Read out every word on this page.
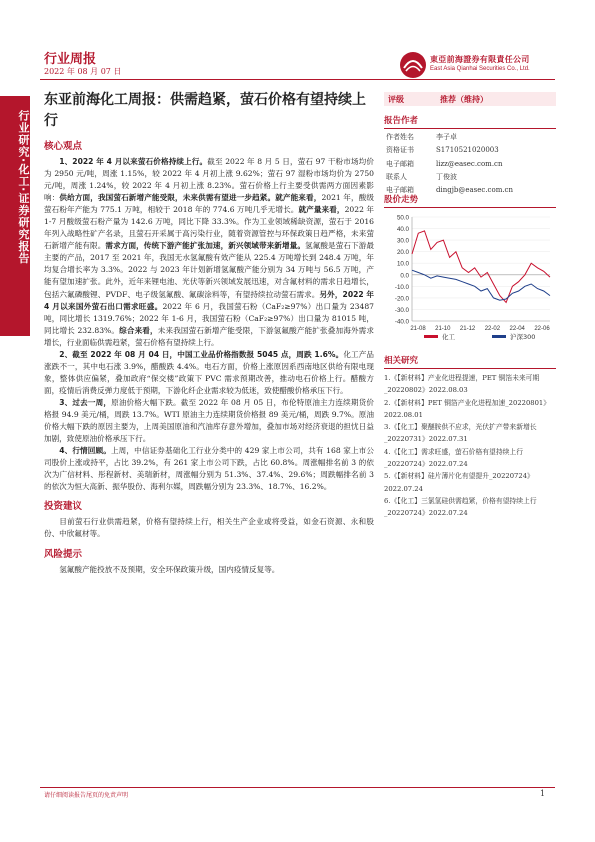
行业周报
2022 年 08 月 07 日
東亞前海證券有限責任公司
East Asia Qianhai Securities Co., Ltd.
行业研究·化工·证券研究报告
东亚前海化工周报：供需趋紧，萤石价格有望持续上行
核心观点

1、2022 年 4 月以来萤石价格持续上行。截至 2022 年 8 月 5 日，萤石 97 干粉市场均价为 2950 元/吨，周涨 1.15%，较 2022 年 4 月初上涨 9.62%；萤石 97 湿粉市场均价为 2750 元/吨，周涨 1.24%，较 2022 年 4 月初上涨 8.23%。萤石价格上行主要受供需两方面因素影响：供给方面，我国萤石新增产能受限，未来供需有望进一步趋紧。就产能来看，2021 年，酸级萤石粉年产能为 775.1 万吨，相较于 2018 年的 774.6 万吨几乎无增长。就产量来看，2022 年 1-7 月酸级萤石粉产量为 142.6 万吨，同比下降 33.3%。作为工业领域稀缺资源，萤石于 2016 年列入战略性矿产名录，且萤石开采属于高污染行业，随着资源管控与环保政策日趋严格，未来萤石新增产能有限。需求方面，传统下游产能扩张加速，新兴领域带来新增量。氢氟酸是萤石下游最主要的产品，2017 至 2021 年，我国无水氢氟酸有效产能从 225.4 万吨增长到 248.4 万吨，年均复合增长率为 3.3%。2022 与 2023 年计划新增氢氟酸产能分别为 34 万吨与 56.5 万吨，产能有望加速扩张。此外，近年来锂电池、光伏等新兴领域发展迅速，对含氟材料的需求日趋增长，包括六氟磷酸锂、PVDF、电子级氢氟酸、氟碳涂料等，有望持续拉动萤石需求。另外，2022 年 4 月以来国外萤石出口需求旺盛。2022 年 6 月，我国萤石粉（CaF₂≥97%）出口量为 23487 吨，同比增长 1319.76%；2022 年 1-6 月，我国萤石粉（CaF₂≥97%）出口量为 81015 吨，同比增长 232.83%。综合来看，未来我国萤石新增产能受限，下游氢氟酸产能扩张叠加海外需求增长，行业面临供需趋紧，萤石价格有望持续上行。

2、截至 2022 年 08 月 04 日，中国工业品价格指数报 5045 点，周跌 1.6%。化工产品涨跌不一，其中电石涨 3.9%，醋酸跌 4.4%。电石方面，价格上涨原因系西南地区供给有限电现象，整体供应偏紧，叠加政府“保交楼”政策下 PVC 需求预期改善，推动电石价格上行。醋酸方面，疫情后消费反弹力度低于预期，下游化纤企业需求较为低迷，致使醋酸价格承压下行。

3、过去一周，原油价格大幅下跌。截至 2022 年 08 月 05 日，布伦特原油主力连续期货价格报 94.9 美元/桶，周跌 13.7%。WTI 原油主力连续期货价格报 89 美元/桶，周跌 9.7%。原油价格大幅下跌的原因主要为，上周美国原油和汽油库存意外增加，叠加市场对经济衰退的担忧日益加剧，致使原油价格承压下行。

4、行情回顾。上周，中信证券基础化工行业分类中的 429 家上市公司，共有 168 家上市公司股价上涨或持平，占比 39.2%，有 261 家上市公司下跌，占比 60.8%。周涨幅排名前 3 的依次为广信材料、彤程新材、美瑞新材，周涨幅分别为 51.3%、37.4%、29.6%；周跌幅排名前 3 的依次为恒大高新、振华股份、海利尔媒，周跌幅分别为 23.3%、18.7%、16.2%。

投资建议

目前萤石行业供需趋紧，价格有望持续上行，相关生产企业或将受益，如金石资源、永和股份、中欣氟材等。

风险提示

氢氟酸产能投放不及预期，安全环保政策升级，国内疫情反复等。

评级	推荐（维持）
报告作者
作者姓名	李子卓
资格证书	S1710521020003
电子邮箱	lizz@easec.com.cn
联系人	丁俊波
电子邮箱	dingjb@easec.com.cn
股价走势
-40.0
-30.0
-20.0
-10.0
0.0
10.0
20.0
30.0
40.0
50.0
21-08 21-10 21-12 22-02 22-04 22-06
化工	沪深300
相关研究

1.《【新材料】产业化进程提速，PET 铜箔未来可期_20220802》2022.08.03

2.《【新材料】PET 铜箔产业化进程加速_20220801》2022.08.01

3.《【化工】聚醚胺供不应求，光伏扩产带来新增长_20220731》2022.07.31

4.《【化工】需求旺盛，萤石价格有望持续上行_20220724》2022.07.24

5.《【新材料】硅片薄片化有望提升_20220724》2022.07.24

6.《【化工】三氯氢硅供需趋紧，价格有望持续上行_20220724》2022.07.24

请仔细阅读报告尾页的免责声明	1
